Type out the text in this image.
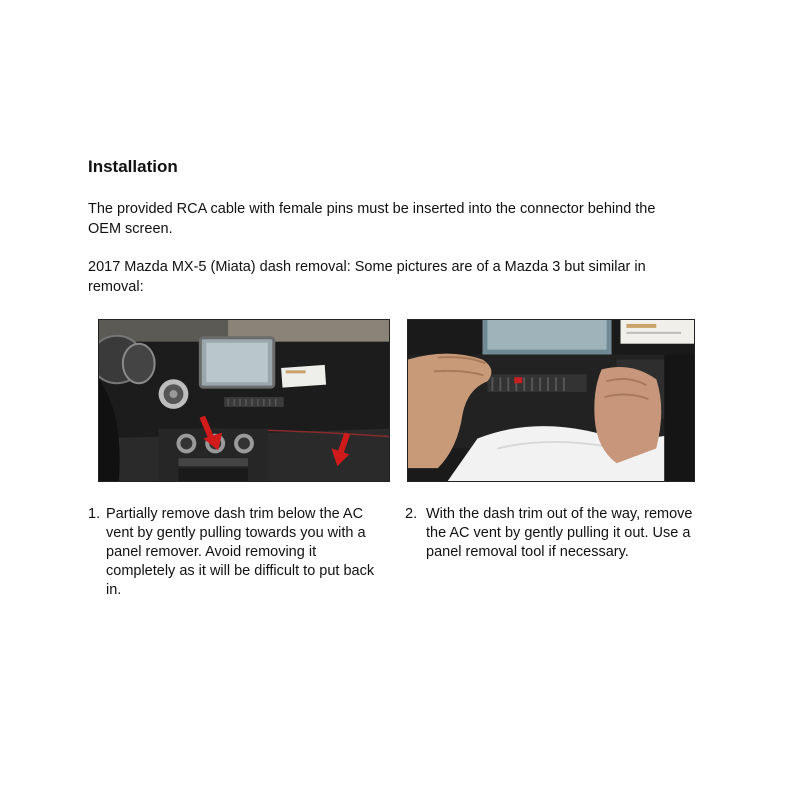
Installation

The provided RCA cable with female pins must be inserted into the connector behind the OEM screen.

2017 Mazda MX-5 (Miata) dash removal: Some pictures are of a Mazda 3 but similar in removal:

1. Partially remove dash trim below the AC vent by gently pulling towards you with a panel remover. Avoid removing it completely as it will be difficult to put back in.
2. With the dash trim out of the way, remove the AC vent by gently pulling it out. Use a panel removal tool if necessary.
